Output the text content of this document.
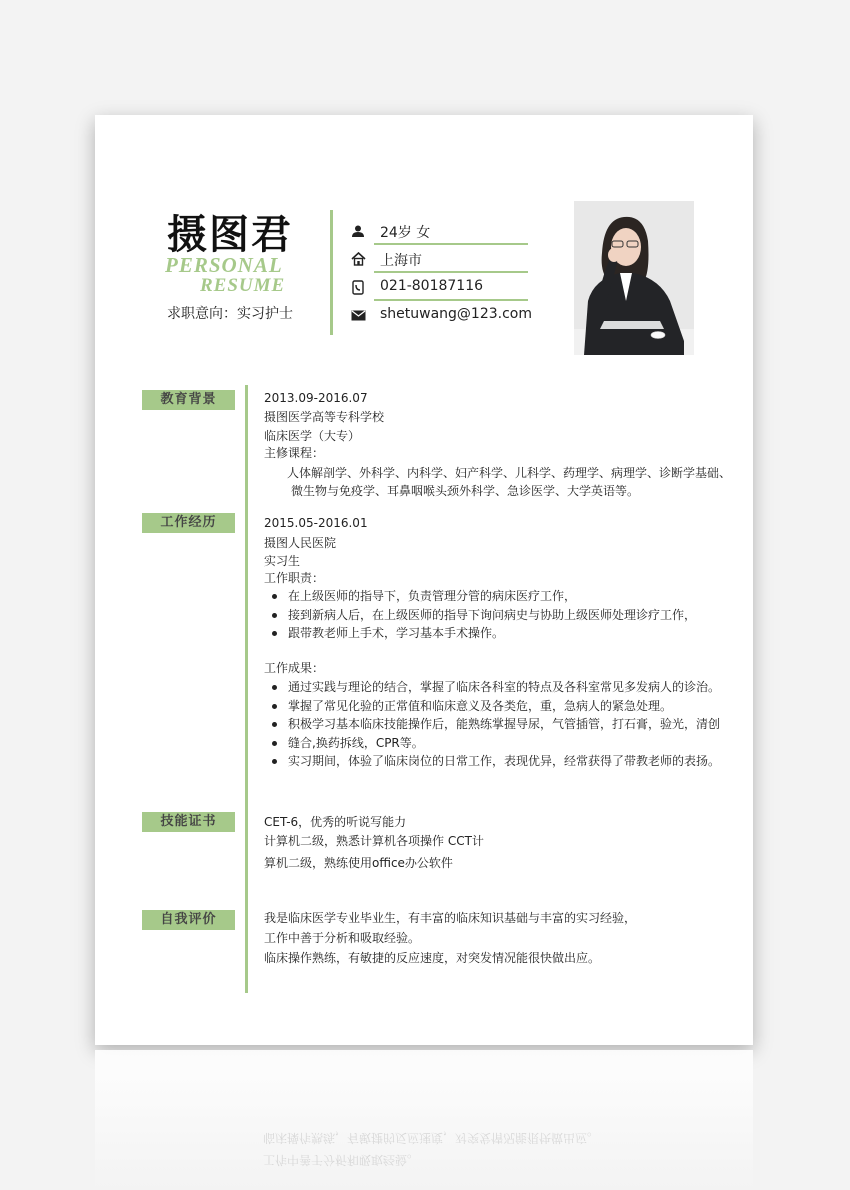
摄图君
PERSONAL
RESUME
求职意向：实习护士
24岁 女
上海市
021-80187116
shetuwang@123.com
教育背景	2013.09-2016.07
摄图医学高等专科学校
临床医学（大专）
主修课程：
人体解剖学、外科学、内科学、妇产科学、儿科学、药理学、病理学、诊断学基础、
微生物与免疫学、耳鼻咽喉头颈外科学、急诊医学、大学英语等。
工作经历	2015.05-2016.01
摄图人民医院
实习生
工作职责：
在上级医师的指导下，负责管理分管的病床医疗工作，
接到新病人后，在上级医师的指导下询问病史与协助上级医师处理诊疗工作，
跟带教老师上手术，学习基本手术操作。
工作成果：
通过实践与理论的结合，掌握了临床各科室的特点及各科室常见多发病人的诊治。
掌握了常见化验的正常值和临床意义及各类危，重，急病人的紧急处理。
积极学习基本临床技能操作后，能熟练掌握导尿，气管插管，打石膏，验光，清创
缝合,换药拆线，CPR等。
实习期间，体验了临床岗位的日常工作，表现优异，经常获得了带教老师的表扬。
技能证书	CET-6，优秀的听说写能力
计算机二级，熟悉计算机各项操作 CCT计
算机二级，熟练使用office办公软件
自我评价	我是临床医学专业毕业生，有丰富的临床知识基础与丰富的实习经验，
工作中善于分析和吸取经验。
临床操作熟练，有敏捷的反应速度，对突发情况能很快做出应。
临床操作熟练，有敏捷的反应速度，对突发情况能很快做出应。
工作中善于分析和吸取经验。
